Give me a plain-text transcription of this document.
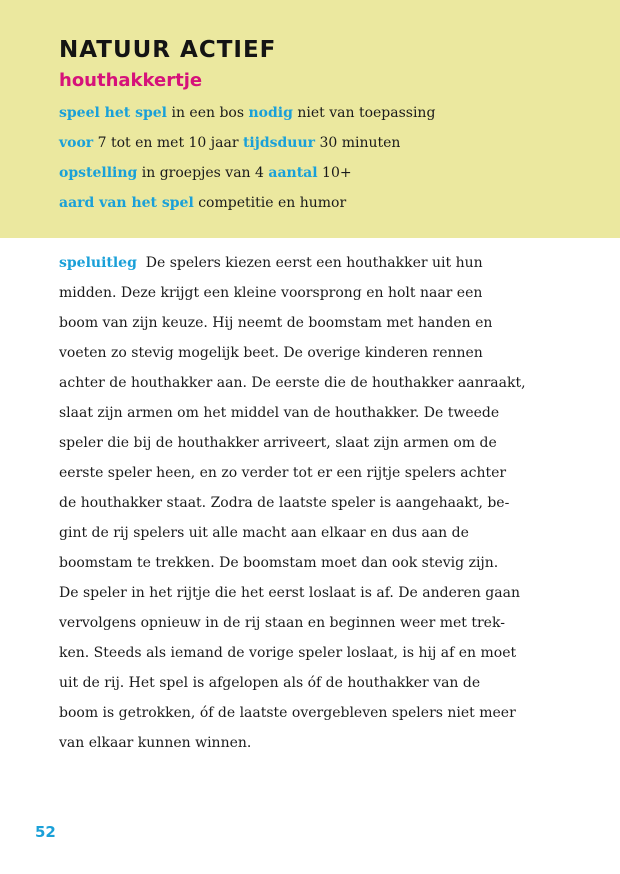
NATUUR ACTIEF
houthakkertje
speel het spel in een bos nodig niet van toepassing
voor 7 tot en met 10 jaar tijdsduur 30 minuten
opstelling in groepjes van 4 aantal 10+
aard van het spel competitie en humor
speluitleg De spelers kiezen eerst een houthakker uit hun
midden. Deze krijgt een kleine voorsprong en holt naar een
boom van zijn keuze. Hij neemt de boomstam met handen en
voeten zo stevig mogelijk beet. De overige kinderen rennen
achter de houthakker aan. De eerste die de houthakker aanraakt,
slaat zijn armen om het middel van de houthakker. De tweede
speler die bij de houthakker arriveert, slaat zijn armen om de
eerste speler heen, en zo verder tot er een rijtje spelers achter
de houthakker staat. Zodra de laatste speler is aangehaakt, be-
gint de rij spelers uit alle macht aan elkaar en dus aan de
boomstam te trekken. De boomstam moet dan ook stevig zijn.
De speler in het rijtje die het eerst loslaat is af. De anderen gaan
vervolgens opnieuw in de rij staan en beginnen weer met trek-
ken. Steeds als iemand de vorige speler loslaat, is hij af en moet
uit de rij. Het spel is afgelopen als óf de houthakker van de
boom is getrokken, óf de laatste overgebleven spelers niet meer
van elkaar kunnen winnen.
52
